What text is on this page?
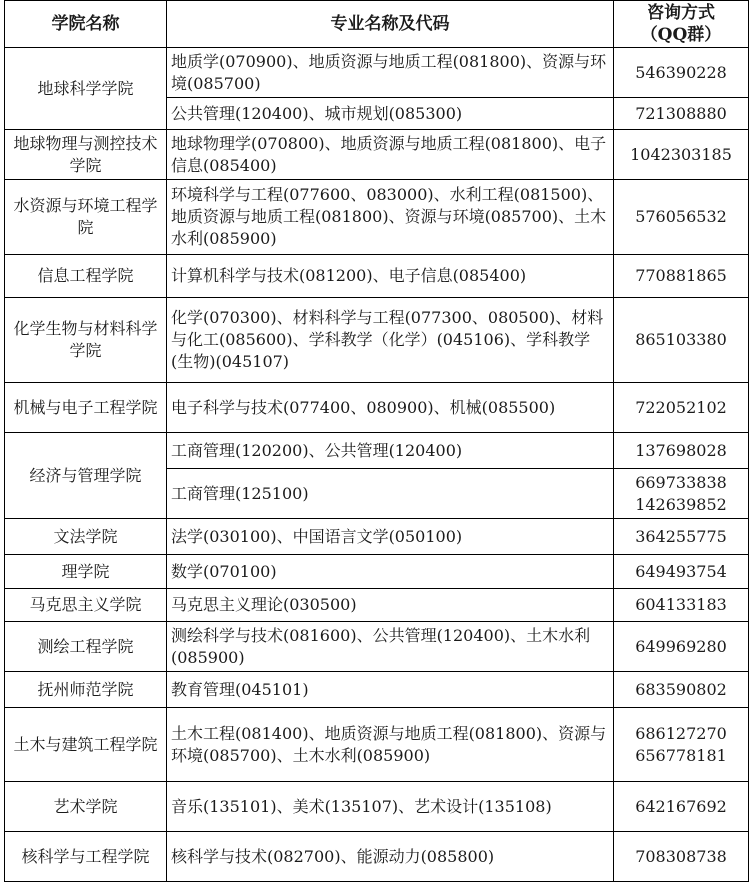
学院名称	专业名称及代码	咨询方式
（QQ群）

地球科学学院	地质学(070900)、地质资源与地质工程(081800)、资源与环境(085700)	546390228
	公共管理(120400)、城市规划(085300)	721308880
地球物理与测控技术学院	地球物理学(070800)、地质资源与地质工程(081800)、电子信息(085400)	1042303185
水资源与环境工程学院	环境科学与工程(077600、083000)、水利工程(081500)、地质资源与地质工程(081800)、资源与环境(085700)、土木水利(085900)	576056532
信息工程学院	计算机科学与技术(081200)、电子信息(085400)	770881865
化学生物与材料科学学院	化学(070300)、材料科学与工程(077300、080500)、材料与化工(085600)、学科教学（化学）(045106)、学科教学(生物)(045107)	865103380
机械与电子工程学院	电子科学与技术(077400、080900)、机械(085500)	722052102
经济与管理学院	工商管理(120200)、公共管理(120400)	137698028
	工商管理(125100)	669733838
142639852

文法学院	法学(030100)、中国语言文学(050100)	364255775
理学院	数学(070100)	649493754
马克思主义学院	马克思主义理论(030500)	604133183
测绘工程学院	测绘科学与技术(081600)、公共管理(120400)、土木水利(085900)	649969280
抚州师范学院	教育管理(045101)	683590802
土木与建筑工程学院	土木工程(081400)、地质资源与地质工程(081800)、资源与环境(085700)、土木水利(085900)	686127270
656778181

艺术学院	音乐(135101)、美术(135107)、艺术设计(135108)	642167692
核科学与工程学院	核科学与技术(082700)、能源动力(085800)	708308738
